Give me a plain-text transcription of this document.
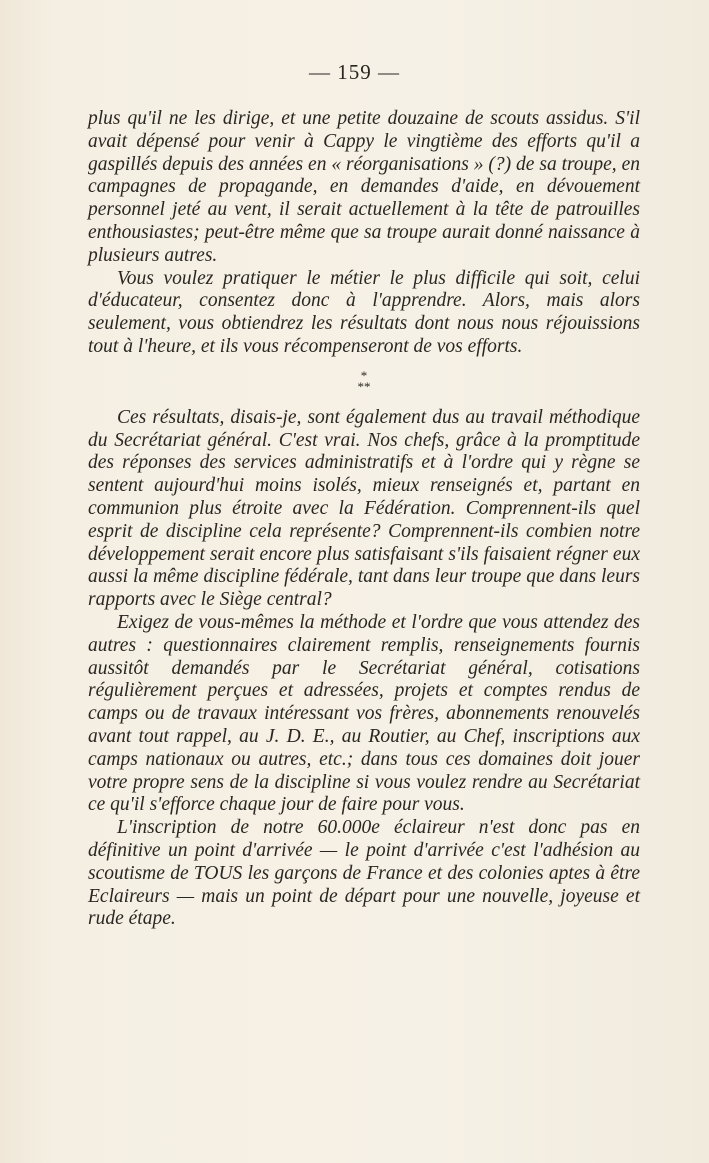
— 159 —

plus qu'il ne les dirige, et une petite douzaine de scouts assidus. S'il avait dépensé pour venir à Cappy le vingtième des efforts qu'il a gaspillés depuis des années en « réorganisations » (?) de sa troupe, en campagnes de propagande, en demandes d'aide, en dévouement personnel jeté au vent, il serait actuellement à la tête de patrouilles enthousiastes; peut-être même que sa troupe aurait donné naissance à plusieurs autres.

Vous voulez pratiquer le métier le plus difficile qui soit, celui d'éducateur, consentez donc à l'apprendre. Alors, mais alors seulement, vous obtiendrez les résultats dont nous nous réjouissions tout à l'heure, et ils vous récompenseront de vos efforts.

*
**

Ces résultats, disais-je, sont également dus au travail méthodique du Secrétariat général. C'est vrai. Nos chefs, grâce à la promptitude des réponses des services administratifs et à l'ordre qui y règne se sentent aujourd'hui moins isolés, mieux renseignés et, partant en communion plus étroite avec la Fédération. Comprennent-ils quel esprit de discipline cela représente? Comprennent-ils combien notre développement serait encore plus satisfaisant s'ils faisaient régner eux aussi la même discipline fédérale, tant dans leur troupe que dans leurs rapports avec le Siège central?

Exigez de vous-mêmes la méthode et l'ordre que vous attendez des autres : questionnaires clairement remplis, renseignements fournis aussitôt demandés par le Secrétariat général, cotisations régulièrement perçues et adressées, projets et comptes rendus de camps ou de travaux intéressant vos frères, abonnements renouvelés avant tout rappel, au J. D. E., au Routier, au Chef, inscriptions aux camps nationaux ou autres, etc.; dans tous ces domaines doit jouer votre propre sens de la discipline si vous voulez rendre au Secrétariat ce qu'il s'efforce chaque jour de faire pour vous.

L'inscription de notre 60.000e éclaireur n'est donc pas en définitive un point d'arrivée — le point d'arrivée c'est l'adhésion au scoutisme de TOUS les garçons de France et des colonies aptes à être Eclaireurs — mais un point de départ pour une nouvelle, joyeuse et rude étape.
